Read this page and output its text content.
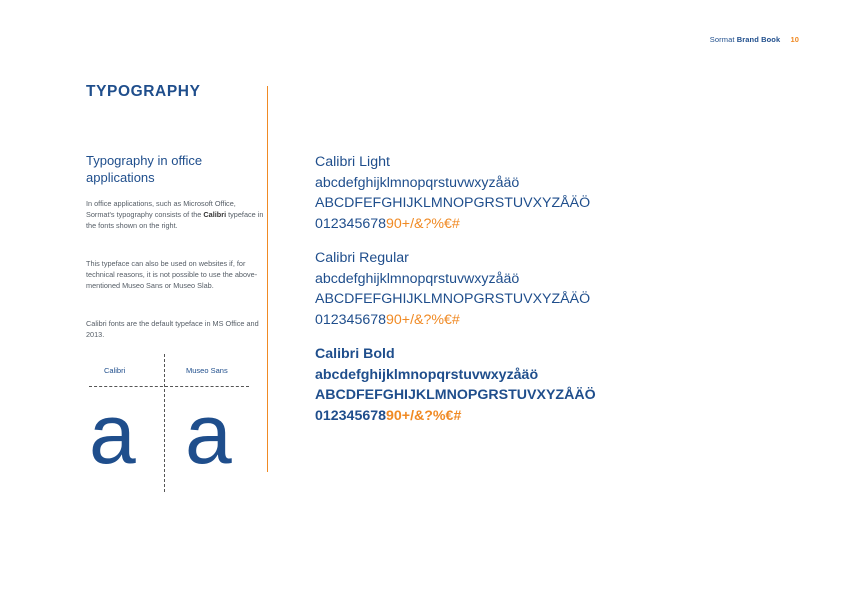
Sormat Brand Book 10
TYPOGRAPHY
Typography in office applications
In office applications, such as Microsoft Office, Sormat's typography consists of the Calibri typeface in the fonts shown on the right.
This typeface can also be used on websites if, for technical reasons, it is not possible to use the above-mentioned Museo Sans or Museo Slab.
Calibri fonts are the default typeface in MS Office and 2013.
Calibri	Museo Sans
a a
Calibri Light
abcdefghijklmnopqrstuvwxyzåäö
ABCDFEFGHIJKLMNOPGRSTUVXYZÅÄÖ
01234567890+/&?%€#
Calibri Regular
abcdefghijklmnopqrstuvwxyzåäö
ABCDFEFGHIJKLMNOPGRSTUVXYZÅÄÖ
01234567890+/&?%€#
Calibri Bold
abcdefghijklmnopqrstuvwxyzåäö
ABCDFEFGHIJKLMNOPGRSTUVXYZÅÄÖ
01234567890+/&?%€#
